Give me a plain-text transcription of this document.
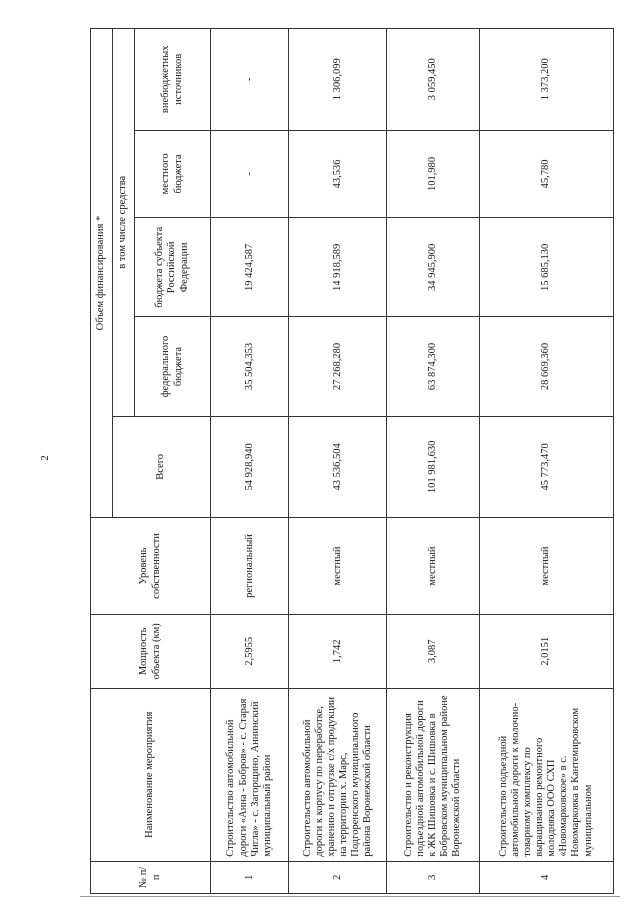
2
№ п/п	Наименование мероприятия	Мощность объекта (км)	Уровень собственности	Объем финансирования *				
				Всего	в том числе средства			
					федерального бюджета	бюджета субъекта Российской Федерации	местного бюджета	внебюджетных источников
1	Строительство автомобильной дороги «Анна - Бобров» - с. Старая Чигла» - с. Загорщино, Аннинский муниципальный район	2,5955	региональный	54 928,940	35 504,353	19 424,587	-	-
2	Строительство автомобильной дороги к корпусу по переработке, хранению и отгрузке с/х продукции на территории х. Марс, Подгоренского муниципального района Воронежской области	1,742	местный	43 536,504	27 268,280	14 918,589	43,536	1 306,099
3	Строительство и реконструкция подъездной автомобильной дороги к ЖК Шишовка и с. Шишовка в Бобровском муниципальном районе Воронежской области	3,087	местный	101 981,630	63 874,300	34 945,900	101,980	3 059,450
4	Строительство подъездной автомобильной дороги к молочно-товарному комплексу по выращиванию ремонтного молодняка ООО СХП «Новомарковское» в с. Новомарковка в Кантемировском муниципальном	2,0151	местный	45 773,470	28 669,360	15 685,130	45,780	1 373,200
